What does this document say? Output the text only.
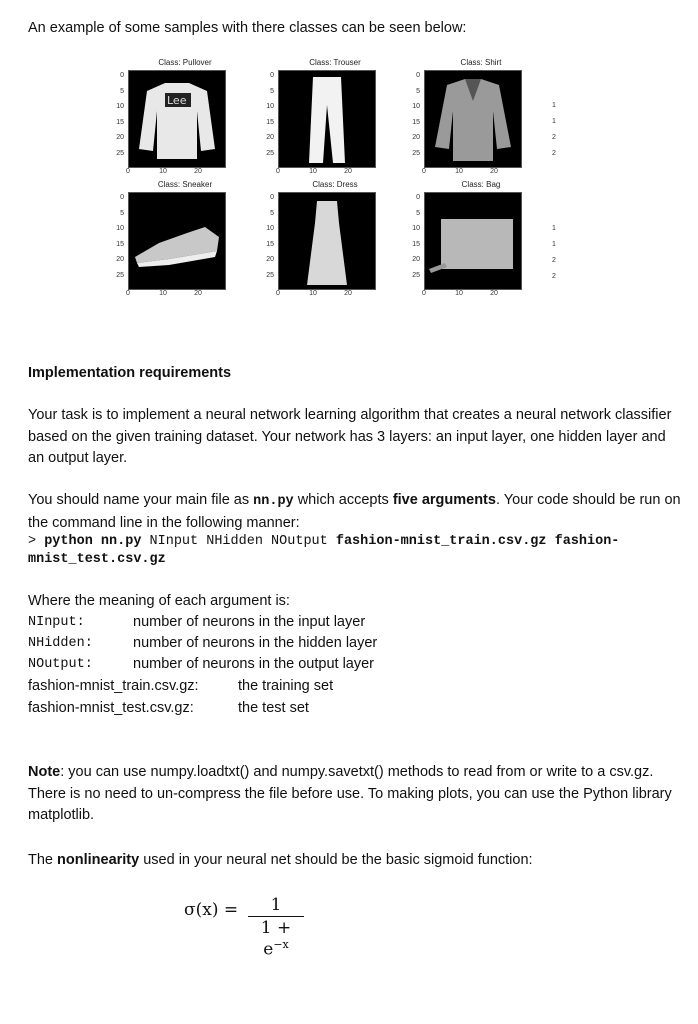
An example of some samples with there classes can be seen below:
Class: Pullover
Lee
0
5
10
15
20
25
0	10	20
Class: Trouser
0
5
10
15
20
25
0	10	20
Class: Shirt
0
5
10
15
20
25
0	10	20
Class: Sneaker
0
5
10
15
20
25
0	10	20
Class: Dress
0
5
10
15
20
25
0	10	20
Class: Bag
0
5
10
15
20
25
0	10	20
1
1
2
2
1
1
2
2
Implementation requirements
Your task is to implement a neural network learning algorithm that creates a neural network classifier based on the given training dataset. Your network has 3 layers: an input layer, one hidden layer and an output layer.
You should name your main file as nn.py which accepts five arguments. Your code should be run on the command line in the following manner:
> python nn.py NInput NHidden NOutput fashion-mnist_train.csv.gz fashion-mnist_test.csv.gz
Where the meaning of each argument is:
NInput:	number of neurons in the input layer
NHidden:	number of neurons in the hidden layer
NOutput:	number of neurons in the output layer
fashion-mnist_train.csv.gz:	the training set
fashion-mnist_test.csv.gz:	the test set
Note: you can use numpy.loadtxt() and numpy.savetxt() methods to read from or write to a csv.gz. There is no need to un-compress the file before use. To making plots, you can use the Python library matplotlib.
The nonlinearity used in your neural net should be the basic sigmoid function:
σ(x) =	1
$1 + e^{-x}$
